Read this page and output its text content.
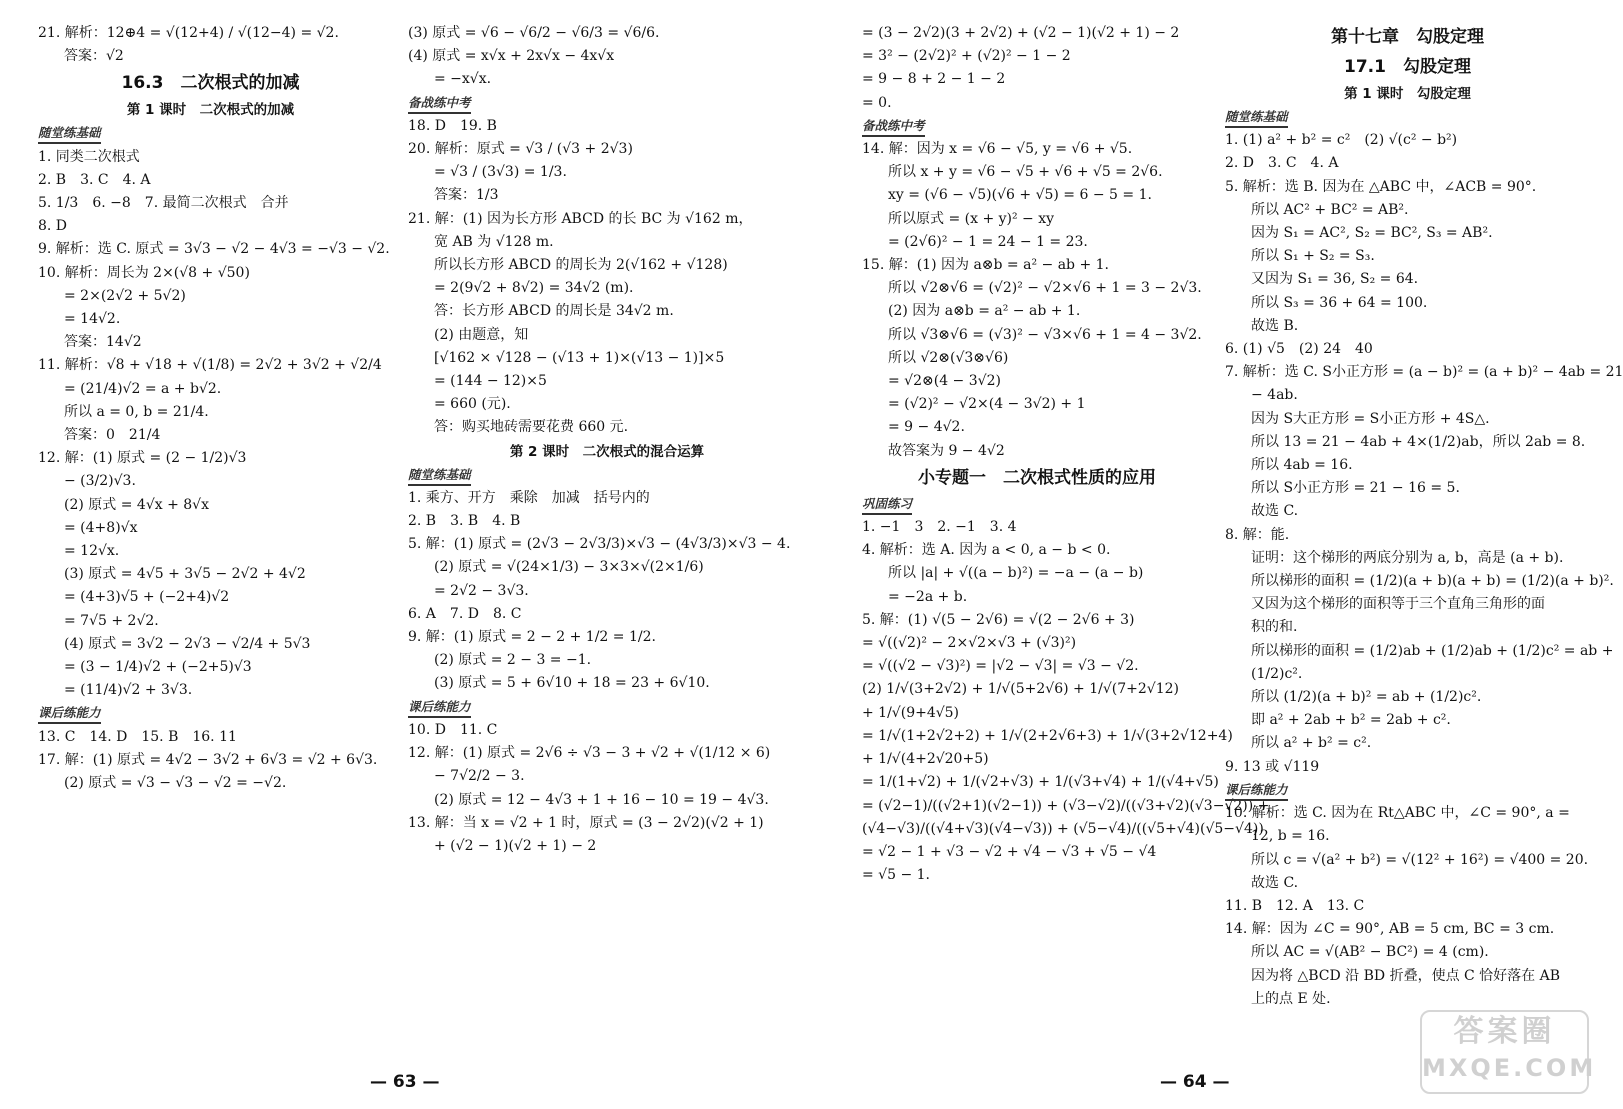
21. 解析：12⊕4 = √(12+4) / √(12−4) = √2.
答案：√2
16.3　二次根式的加减
第 1 课时　二次根式的加减
随堂练基础
1. 同类二次根式
2. B　3. C　4. A
5. 1/3　6. −8　7. 最简二次根式　合并
8. D
9. 解析：选 C. 原式 = 3√3 − √2 − 4√3 = −√3 − √2.
10. 解析：周长为 2×(√8 + √50)
= 2×(2√2 + 5√2)
= 14√2.
答案：14√2
11. 解析：√8 + √18 + √(1/8) = 2√2 + 3√2 + √2/4
= (21/4)√2 = a + b√2.
所以 a = 0, b = 21/4.
答案：0　21/4
12. 解：(1) 原式 = (2 − 1/2)√3
− (3/2)√3.
(2) 原式 = 4√x + 8√x
= (4+8)√x
= 12√x.
(3) 原式 = 4√5 + 3√5 − 2√2 + 4√2
= (4+3)√5 + (−2+4)√2
= 7√5 + 2√2.
(4) 原式 = 3√2 − 2√3 − √2/4 + 5√3
= (3 − 1/4)√2 + (−2+5)√3
= (11/4)√2 + 3√3.
课后练能力
13. C　14. D　15. B　16. 11
17. 解：(1) 原式 = 4√2 − 3√2 + 6√3 = √2 + 6√3.
(2) 原式 = √3 − √3 − √2 = −√2.
(3) 原式 = √6 − √6/2 − √6/3 = √6/6.
(4) 原式 = x√x + 2x√x − 4x√x
= −x√x.
备战练中考
18. D　19. B
20. 解析：原式 = √3 / (√3 + 2√3)
= √3 / (3√3) = 1/3.
答案：1/3
21. 解：(1) 因为长方形 ABCD 的长 BC 为 √162 m，
宽 AB 为 √128 m.
所以长方形 ABCD 的周长为 2(√162 + √128)
= 2(9√2 + 8√2) = 34√2 (m).
答：长方形 ABCD 的周长是 34√2 m.
(2) 由题意，知
[√162 × √128 − (√13 + 1)×(√13 − 1)]×5
= (144 − 12)×5
= 660 (元).
答：购买地砖需要花费 660 元.
第 2 课时　二次根式的混合运算
随堂练基础
1. 乘方、开方　乘除　加减　括号内的
2. B　3. B　4. B
5. 解：(1) 原式 = (2√3 − 2√3/3)×√3 − (4√3/3)×√3 − 4.
(2) 原式 = √(24×1/3) − 3×3×√(2×1/6)
= 2√2 − 3√3.
6. A　7. D　8. C
9. 解：(1) 原式 = 2 − 2 + 1/2 = 1/2.
(2) 原式 = 2 − 3 = −1.
(3) 原式 = 5 + 6√10 + 18 = 23 + 6√10.
课后练能力
10. D　11. C
12. 解：(1) 原式 = 2√6 ÷ √3 − 3 + √2 + √(1/12 × 6)
− 7√2/2 − 3.
(2) 原式 = 12 − 4√3 + 1 + 16 − 10 = 19 − 4√3.
13. 解：当 x = √2 + 1 时，原式 = (3 − 2√2)(√2 + 1)
+ (√2 − 1)(√2 + 1) − 2
= (3 − 2√2)(3 + 2√2) + (√2 − 1)(√2 + 1) − 2
= 3² − (2√2)² + (√2)² − 1 − 2
= 9 − 8 + 2 − 1 − 2
= 0.
备战练中考
14. 解：因为 x = √6 − √5, y = √6 + √5.
所以 x + y = √6 − √5 + √6 + √5 = 2√6.
xy = (√6 − √5)(√6 + √5) = 6 − 5 = 1.
所以原式 = (x + y)² − xy
= (2√6)² − 1 = 24 − 1 = 23.
15. 解：(1) 因为 a⊗b = a² − ab + 1.
所以 √2⊗√6 = (√2)² − √2×√6 + 1 = 3 − 2√3.
(2) 因为 a⊗b = a² − ab + 1.
所以 √3⊗√6 = (√3)² − √3×√6 + 1 = 4 − 3√2.
所以 √2⊗(√3⊗√6)
= √2⊗(4 − 3√2)
= (√2)² − √2×(4 − 3√2) + 1
= 9 − 4√2.
故答案为 9 − 4√2
小专题一　二次根式性质的应用
巩固练习
1. −1　3　2. −1　3. 4
4. 解析：选 A. 因为 a < 0, a − b < 0.
所以 |a| + √((a − b)²) = −a − (a − b)
= −2a + b.
5. 解：(1) √(5 − 2√6) = √(2 − 2√6 + 3)
= √((√2)² − 2×√2×√3 + (√3)²)
= √((√2 − √3)²) = |√2 − √3| = √3 − √2.
(2) 1/√(3+2√2) + 1/√(5+2√6) + 1/√(7+2√12)
+ 1/√(9+4√5)
= 1/√(1+2√2+2) + 1/√(2+2√6+3) + 1/√(3+2√12+4)
+ 1/√(4+2√20+5)
= 1/(1+√2) + 1/(√2+√3) + 1/(√3+√4) + 1/(√4+√5)
= (√2−1)/((√2+1)(√2−1)) + (√3−√2)/((√3+√2)(√3−√2)) +
(√4−√3)/((√4+√3)(√4−√3)) + (√5−√4)/((√5+√4)(√5−√4))
= √2 − 1 + √3 − √2 + √4 − √3 + √5 − √4
= √5 − 1.
第十七章　勾股定理
17.1　勾股定理
第 1 课时　勾股定理
随堂练基础
1. (1) a² + b² = c²　(2) √(c² − b²)
2. D　3. C　4. A
5. 解析：选 B. 因为在 △ABC 中，∠ACB = 90°.
所以 AC² + BC² = AB².
因为 S₁ = AC², S₂ = BC², S₃ = AB².
所以 S₁ + S₂ = S₃.
又因为 S₁ = 36, S₂ = 64.
所以 S₃ = 36 + 64 = 100.
故选 B.
6. (1) √5　(2) 24　40
7. 解析：选 C. S小正方形 = (a − b)² = (a + b)² − 4ab = 21
− 4ab.
因为 S大正方形 = S小正方形 + 4S△.
所以 13 = 21 − 4ab + 4×(1/2)ab，所以 2ab = 8.
所以 4ab = 16.
所以 S小正方形 = 21 − 16 = 5.
故选 C.
8. 解：能.
证明：这个梯形的两底分别为 a, b，高是 (a + b).
所以梯形的面积 = (1/2)(a + b)(a + b) = (1/2)(a + b)².
又因为这个梯形的面积等于三个直角三角形的面
积的和.
所以梯形的面积 = (1/2)ab + (1/2)ab + (1/2)c² = ab +
(1/2)c².
所以 (1/2)(a + b)² = ab + (1/2)c².
即 a² + 2ab + b² = 2ab + c².
所以 a² + b² = c².
9. 13 或 √119
课后练能力
10. 解析：选 C. 因为在 Rt△ABC 中，∠C = 90°, a =
12, b = 16.
所以 c = √(a² + b²) = √(12² + 16²) = √400 = 20.
故选 C.
11. B　12. A　13. C
14. 解：因为 ∠C = 90°, AB = 5 cm, BC = 3 cm.
所以 AC = √(AB² − BC²) = 4 (cm).
因为将 △BCD 沿 BD 折叠，使点 C 恰好落在 AB
上的点 E 处.
— 63 —	— 64 —
答案圈
MXQE.COM
